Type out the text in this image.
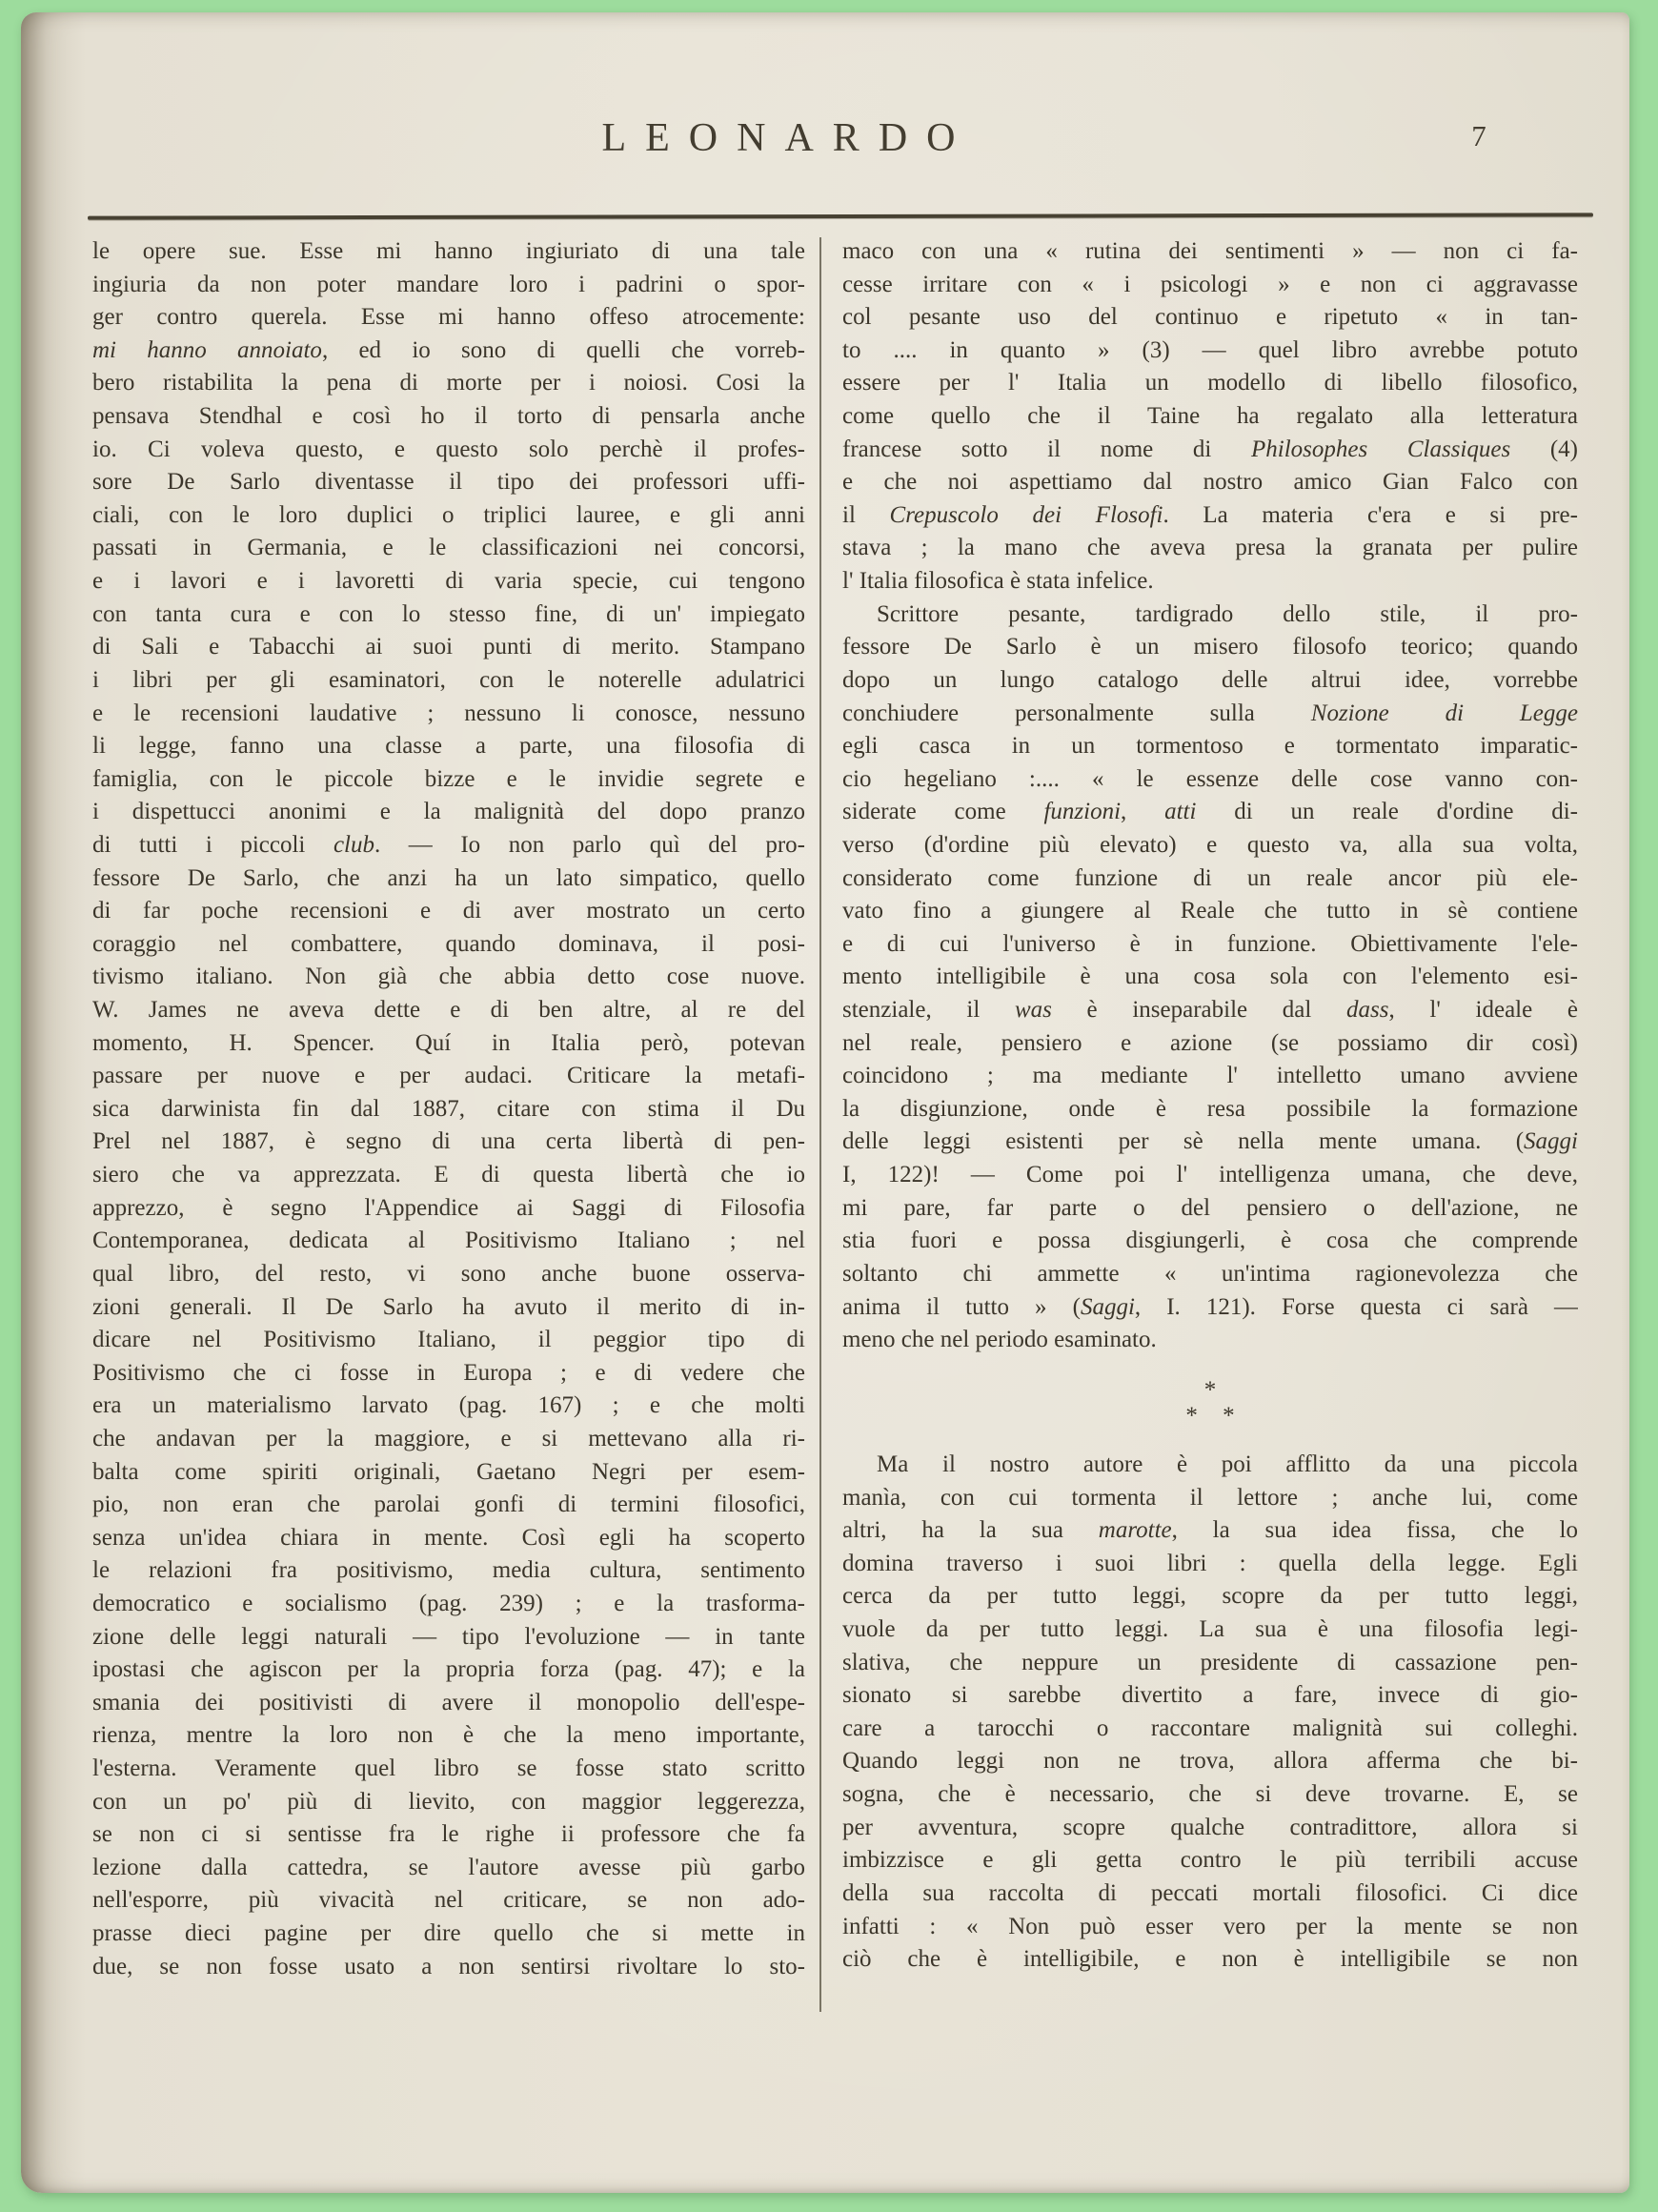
LEONARDO	7
le opere sue. Esse mi hanno ingiuriato di una tale
ingiuria da non poter mandare loro i padrini o spor-
ger contro querela. Esse mi hanno offeso atrocemente:
mi hanno annoiato, ed io sono di quelli che vorreb-
bero ristabilita la pena di morte per i noiosi. Cosi la
pensava Stendhal e così ho il torto di pensarla anche
io. Ci voleva questo, e questo solo perchè il profes-
sore De Sarlo diventasse il tipo dei professori uffi-
ciali, con le loro duplici o triplici lauree, e gli anni
passati in Germania, e le classificazioni nei concorsi,
e i lavori e i lavoretti di varia specie, cui tengono
con tanta cura e con lo stesso fine, di un' impiegato
di Sali e Tabacchi ai suoi punti di merito. Stampano
i libri per gli esaminatori, con le noterelle adulatrici
e le recensioni laudative ; nessuno li conosce, nessuno
li legge, fanno una classe a parte, una filosofia di
famiglia, con le piccole bizze e le invidie segrete e
i dispettucci anonimi e la malignità del dopo pranzo
di tutti i piccoli club. — Io non parlo quì del pro-
fessore De Sarlo, che anzi ha un lato simpatico, quello
di far poche recensioni e di aver mostrato un certo
coraggio nel combattere, quando dominava, il posi-
tivismo italiano. Non già che abbia detto cose nuove.
W. James ne aveva dette e di ben altre, al re del
momento, H. Spencer. Quí in Italia però, potevan
passare per nuove e per audaci. Criticare la metafi-
sica darwinista fin dal 1887, citare con stima il Du
Prel nel 1887, è segno di una certa libertà di pen-
siero che va apprezzata. E di questa libertà che io
apprezzo, è segno l'Appendice ai Saggi di Filosofia
Contemporanea, dedicata al Positivismo Italiano ; nel
qual libro, del resto, vi sono anche buone osserva-
zioni generali. Il De Sarlo ha avuto il merito di in-
dicare nel Positivismo Italiano, il peggior tipo di
Positivismo che ci fosse in Europa ; e di vedere che
era un materialismo larvato (pag. 167) ; e che molti
che andavan per la maggiore, e si mettevano alla ri-
balta come spiriti originali, Gaetano Negri per esem-
pio, non eran che parolai gonfi di termini filosofici,
senza un'idea chiara in mente. Così egli ha scoperto
le relazioni fra positivismo, media cultura, sentimento
democratico e socialismo (pag. 239) ; e la trasforma-
zione delle leggi naturali — tipo l'evoluzione — in tante
ipostasi che agiscon per la propria forza (pag. 47); e la
smania dei positivisti di avere il monopolio dell'espe-
rienza, mentre la loro non è che la meno importante,
l'esterna. Veramente quel libro se fosse stato scritto
con un po' più di lievito, con maggior leggerezza,
se non ci si sentisse fra le righe ii professore che fa
lezione dalla cattedra, se l'autore avesse più garbo
nell'esporre, più vivacità nel criticare, se non ado-
prasse dieci pagine per dire quello che si mette in
due, se non fosse usato a non sentirsi rivoltare lo sto-
maco con una « rutina dei sentimenti » — non ci fa-
cesse irritare con « i psicologi » e non ci aggravasse
col pesante uso del continuo e ripetuto « in tan-
to .... in quanto » (3) — quel libro avrebbe potuto
essere per l' Italia un modello di libello filosofico,
come quello che il Taine ha regalato alla letteratura
francese sotto il nome di Philosophes Classiques (4)
e che noi aspettiamo dal nostro amico Gian Falco con
il Crepuscolo dei Flosofi. La materia c'era e si pre-
stava ; la mano che aveva presa la granata per pulire
l' Italia filosofica è stata infelice.
Scrittore pesante, tardigrado dello stile, il pro-
fessore De Sarlo è un misero filosofo teorico; quando
dopo un lungo catalogo delle altrui idee, vorrebbe
conchiudere personalmente sulla Nozione di Legge
egli casca in un tormentoso e tormentato imparatic-
cio hegeliano :.... « le essenze delle cose vanno con-
siderate come funzioni, atti di un reale d'ordine di-
verso (d'ordine più elevato) e questo va, alla sua volta,
considerato come funzione di un reale ancor più ele-
vato fino a giungere al Reale che tutto in sè contiene
e di cui l'universo è in funzione. Obiettivamente l'ele-
mento intelligibile è una cosa sola con l'elemento esi-
stenziale, il was è inseparabile dal dass, l' ideale è
nel reale, pensiero e azione (se possiamo dir così)
coincidono ; ma mediante l' intelletto umano avviene
la disgiunzione, onde è resa possibile la formazione
delle leggi esistenti per sè nella mente umana. (Saggi
I, 122)! — Come poi l' intelligenza umana, che deve,
mi pare, far parte o del pensiero o dell'azione, ne
stia fuori e possa disgiungerli, è cosa che comprende
soltanto chi ammette « un'intima ragionevolezza che
anima il tutto » (Saggi, I. 121). Forse questa ci sarà —
meno che nel periodo esaminato.
*
* *
Ma il nostro autore è poi afflitto da una piccola
manìa, con cui tormenta il lettore ; anche lui, come
altri, ha la sua marotte, la sua idea fissa, che lo
domina traverso i suoi libri : quella della legge. Egli
cerca da per tutto leggi, scopre da per tutto leggi,
vuole da per tutto leggi. La sua è una filosofia legi-
slativa, che neppure un presidente di cassazione pen-
sionato si sarebbe divertito a fare, invece di gio-
care a tarocchi o raccontare malignità sui colleghi.
Quando leggi non ne trova, allora afferma che bi-
sogna, che è necessario, che si deve trovarne. E, se
per avventura, scopre qualche contradittore, allora si
imbizzisce e gli getta contro le più terribili accuse
della sua raccolta di peccati mortali filosofici. Ci dice
infatti : « Non può esser vero per la mente se non
ciò che è intelligibile, e non è intelligibile se non
